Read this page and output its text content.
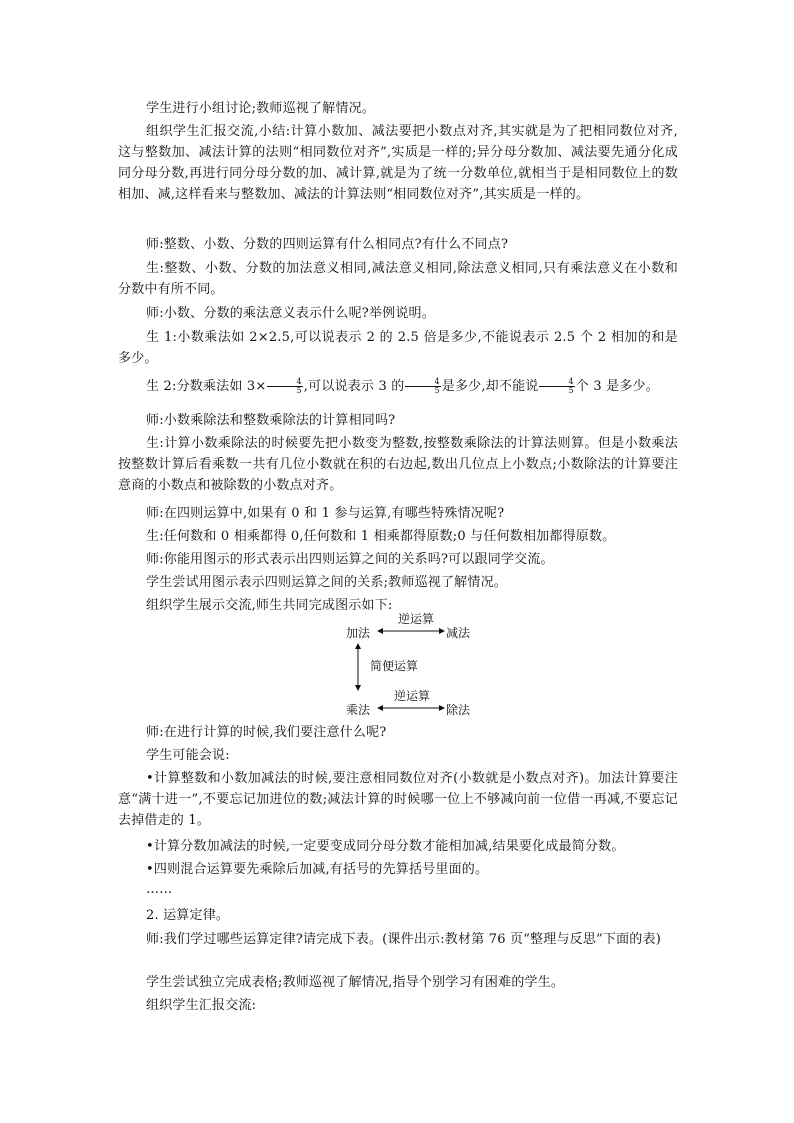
学生进行小组讨论;教师巡视了解情况。
组织学生汇报交流,小结:计算小数加、减法要把小数点对齐,其实就是为了把相同数位对齐,这与整数加、减法计算的法则“相同数位对齐”,实质是一样的;异分母分数加、减法要先通分化成同分母分数,再进行同分母分数的加、减计算,就是为了统一分数单位,就相当于是相同数位上的数相加、减,这样看来与整数加、减法的计算法则“相同数位对齐”,其实质是一样的。
师:整数、小数、分数的四则运算有什么相同点?有什么不同点?
生:整数、小数、分数的加法意义相同,减法意义相同,除法意义相同,只有乘法意义在小数和分数中有所不同。
师:小数、分数的乘法意义表示什么呢?举例说明。
生 1:小数乘法如 2×2.5,可以说表示 2 的 2.5 倍是多少,不能说表示 2.5 个 2 相加的和是多少。
生 2:分数乘法如 $3\times \frac{4}{5}$ ,可以说表示 3 的 $\frac{4}{5}$ 是多少,却不能说 $\frac{4}{5}$ 个 3 是多少。
师:小数乘除法和整数乘除法的计算相同吗?
生:计算小数乘除法的时候要先把小数变为整数,按整数乘除法的计算法则算。但是小数乘法按整数计算后看乘数一共有几位小数就在积的右边起,数出几位点上小数点;小数除法的计算要注意商的小数点和被除数的小数点对齐。
师:在四则运算中,如果有 0 和 1 参与运算,有哪些特殊情况呢?
生:任何数和 0 相乘都得 0,任何数和 1 相乘都得原数;0 与任何数相加都得原数。
师:你能用图示的形式表示出四则运算之间的关系吗?可以跟同学交流。
学生尝试用图示表示四则运算之间的关系;教师巡视了解情况。
组织学生展示交流,师生共同完成图示如下:
加法	减法
逆运算
简便运算
逆运算
乘法	除法
师:在进行计算的时候,我们要注意什么呢?
学生可能会说:
•计算整数和小数加减法的时候,要注意相同数位对齐(小数就是小数点对齐)。加法计算要注意“满十进一”,不要忘记加进位的数;减法计算的时候哪一位上不够减向前一位借一再减,不要忘记去掉借走的 1。
•计算分数加减法的时候,一定要变成同分母分数才能相加减,结果要化成最简分数。
•四则混合运算要先乘除后加减,有括号的先算括号里面的。
……
2. 运算定律。
师:我们学过哪些运算定律?请完成下表。(课件出示:教材第 76 页“整理与反思”下面的表)
学生尝试独立完成表格;教师巡视了解情况,指导个别学习有困难的学生。
组织学生汇报交流:
